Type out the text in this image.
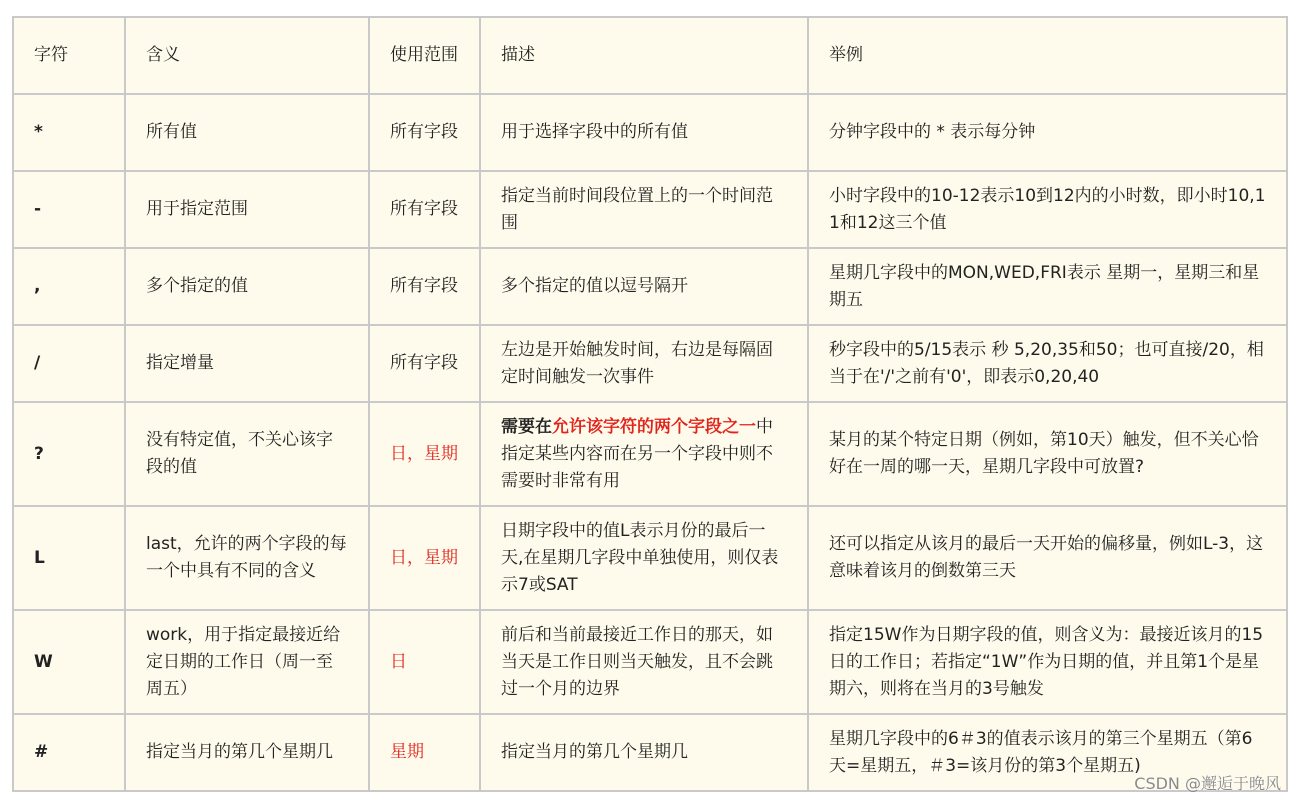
字符	含义	使用范围	描述	举例
*	所有值	所有字段	用于选择字段中的所有值	分钟字段中的 * 表示每分钟
-	用于指定范围	所有字段	指定当前时间段位置上的一个时间范围	小时字段中的10-12表示10到12内的小时数，即小时10,11和12这三个值
,	多个指定的值	所有字段	多个指定的值以逗号隔开	星期几字段中的MON,WED,FRI表示 星期一，星期三和星期五
/	指定增量	所有字段	左边是开始触发时间，右边是每隔固定时间触发一次事件	秒字段中的5/15表示 秒 5,20,35和50；也可直接/20，相当于在'/'之前有'0'，即表示0,20,40
?	没有特定值，不关心该字段的值	日，星期	需要在允许该字符的两个字段之一中指定某些内容而在另一个字段中则不需要时非常有用	某月的某个特定日期（例如，第10天）触发，但不关心恰好在一周的哪一天，星期几字段中可放置?
L	last，允许的两个字段的每一个中具有不同的含义	日，星期	日期字段中的值L表示月份的最后一天,在星期几字段中单独使用，则仅表示7或SAT	还可以指定从该月的最后一天开始的偏移量，例如L-3，这意味着该月的倒数第三天
W	work，用于指定最接近给定日期的工作日（周一至周五）	日	前后和当前最接近工作日的那天，如当天是工作日则当天触发，且不会跳过一个月的边界	指定15W作为日期字段的值，则含义为：最接近该月的15日的工作日；若指定“1W”作为日期的值，并且第1个是星期六，则将在当月的3号触发
#	指定当月的第几个星期几	星期	指定当月的第几个星期几	星期几字段中的6＃3的值表示该月的第三个星期五（第6天=星期五，＃3=该月份的第3个星期五)
CSDN @邂逅于晚风
